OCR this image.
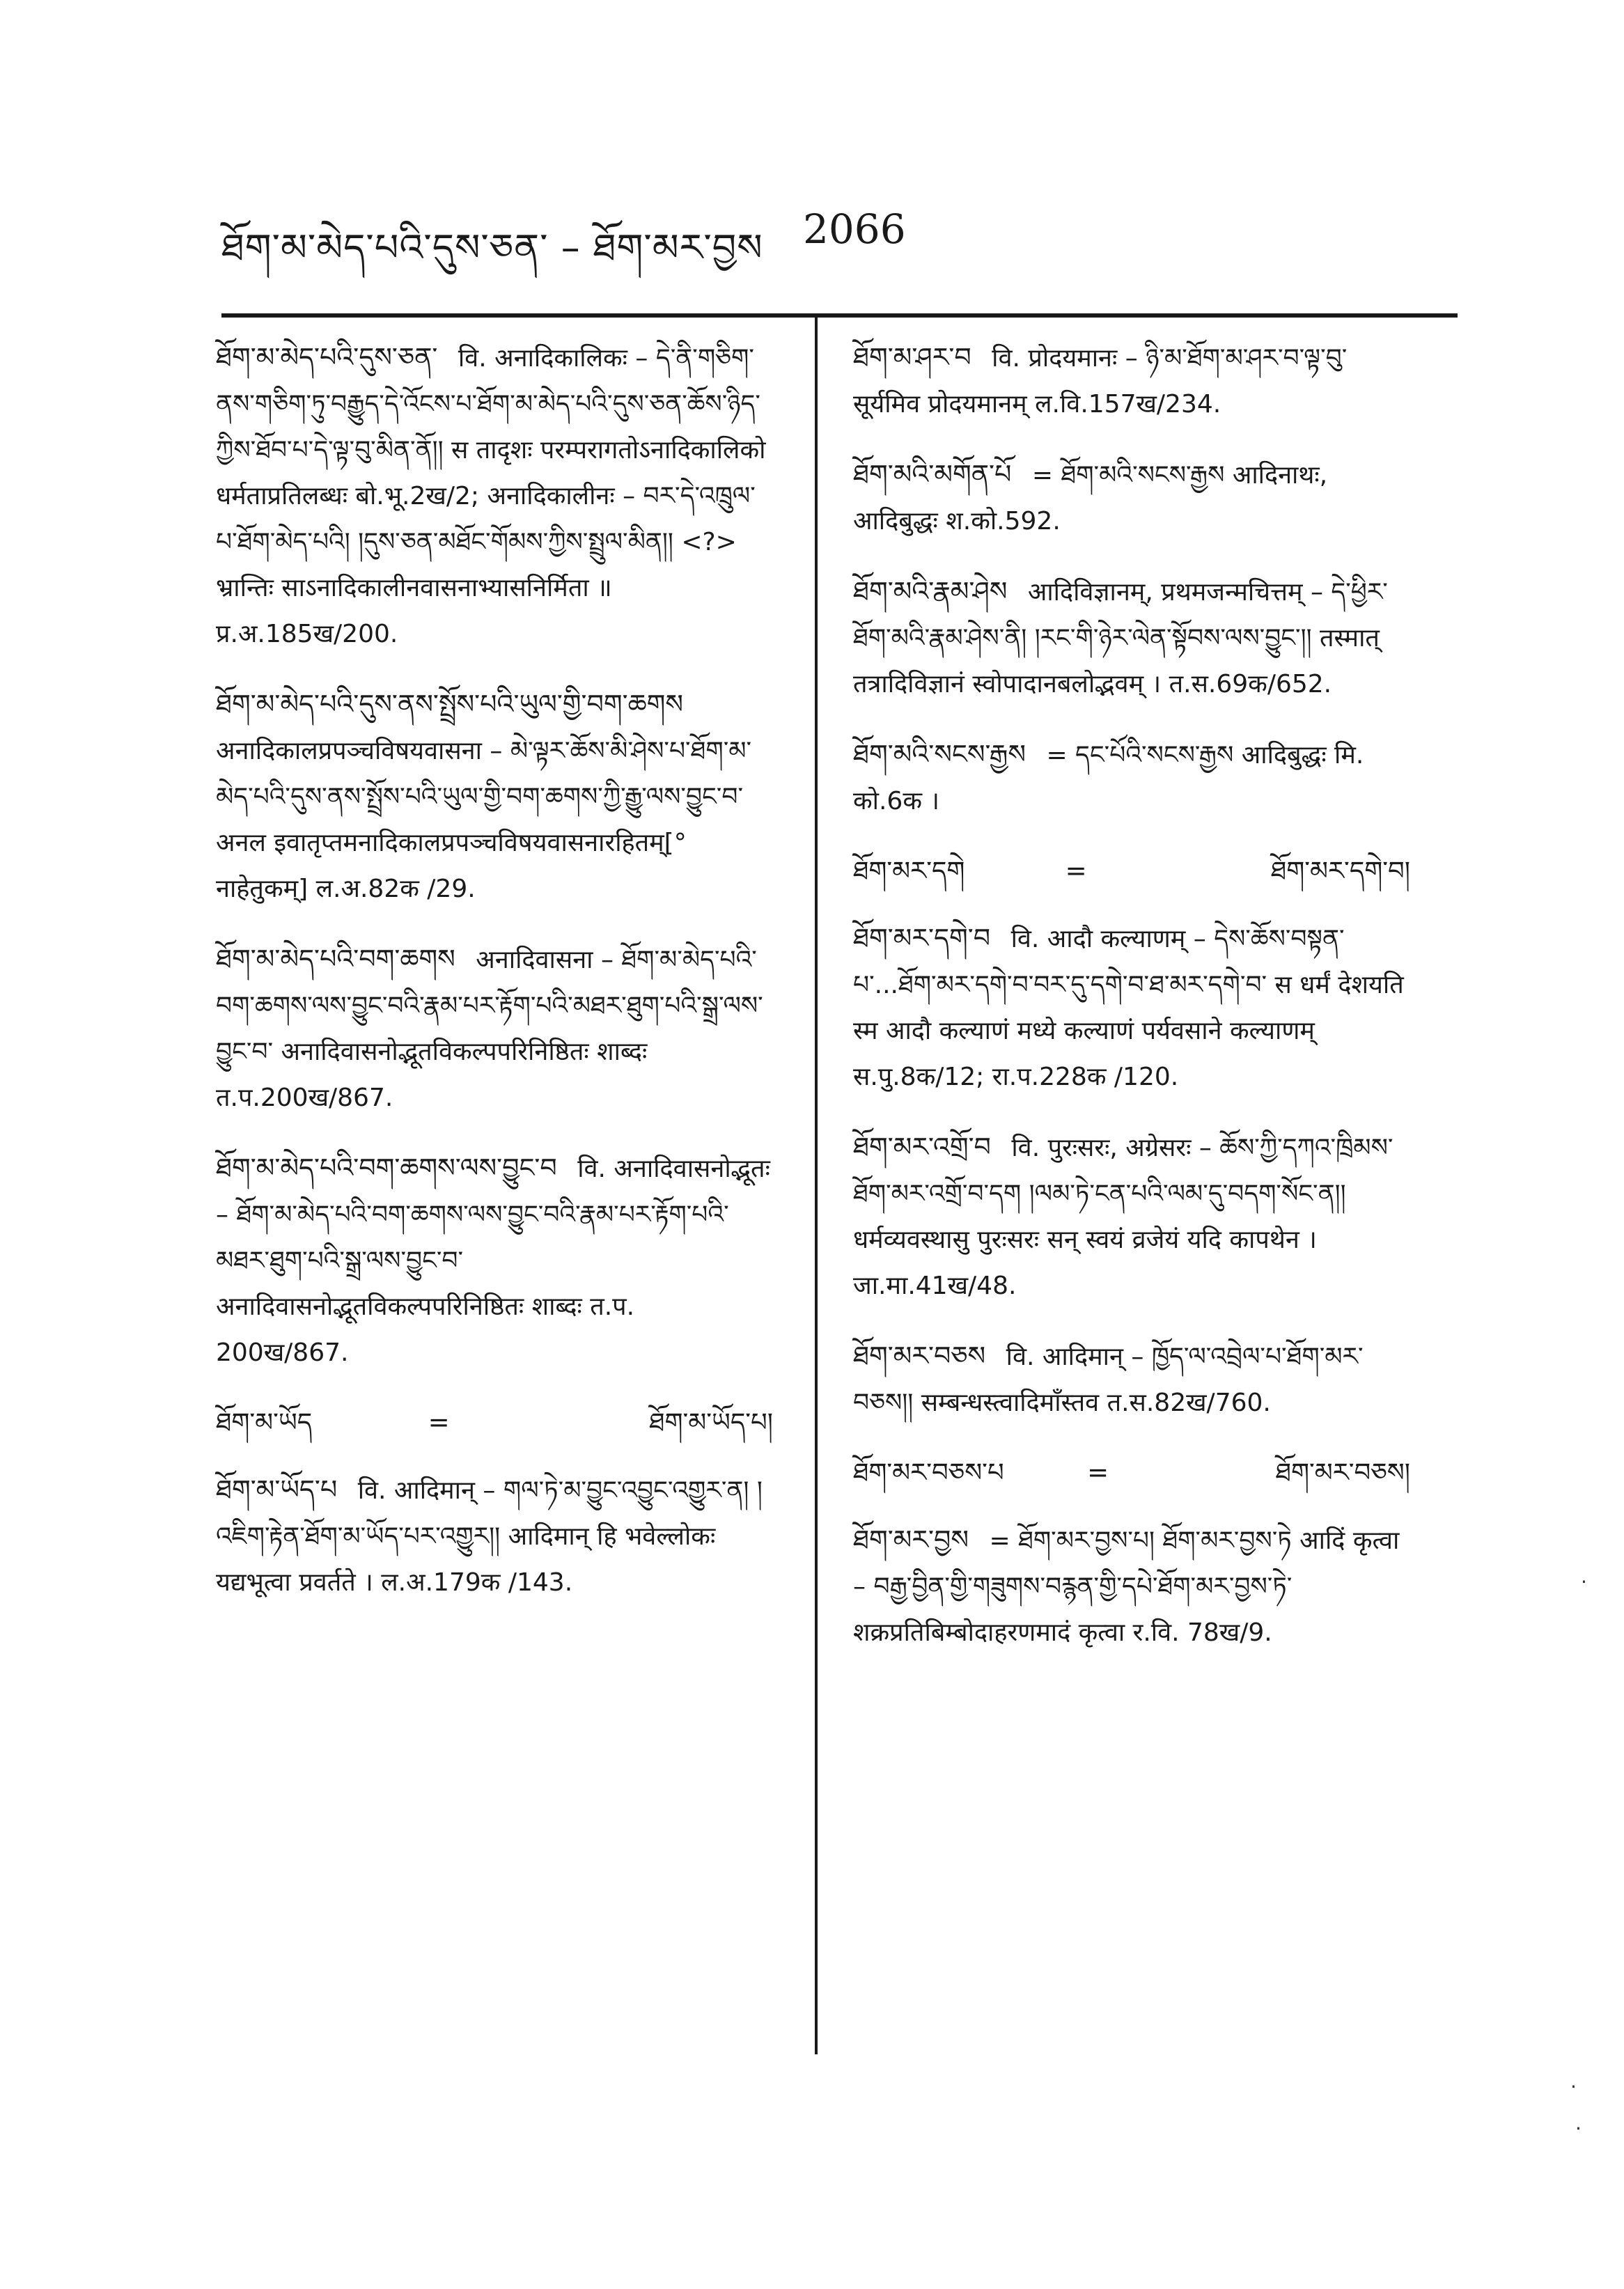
ཐོག་མ་མེད་པའི་དུས་ཅན་ – ཐོག་མར་བྱས 2066
ཐོག་མ་མེད་པའི་དུས་ཅན་ वि. अनादिकालिकः – དེ་ནི་གཅིག་ནས་གཅིག་ཏུ་བརྒྱུད་དེ་འོངས་པ་ཐོག་མ་མེད་པའི་དུས་ཅན་ཆོས་ཉིད་ཀྱིས་ཐོབ་པ་དེ་ལྟ་བུ་མིན་ནོ།། स तादृशः परम्परागतोऽनादिकालिको धर्मताप्रतिलब्धः बो.भू.2ख/2; अनादिकालीनः – བར་དེ་འཁྲུལ་པ་ཐོག་མེད་པའི། །དུས་ཅན་མཐོང་གོམས་ཀྱིས་སྤྲུལ་མིན།། <?> भ्रान्तिः साऽनादिकालीनवासनाभ्यासनिर्मिता ॥ प्र.अ.185ख/200.
ཐོག་མ་མེད་པའི་དུས་ནས་སྤྲོས་པའི་ཡུལ་གྱི་བག་ཆགས अनादिकालप्रपञ्चविषयवासना – མེ་ལྟར་ཆོས་མི་ཤེས་པ་ཐོག་མ་མེད་པའི་དུས་ནས་སྤྲོས་པའི་ཡུལ་གྱི་བག་ཆགས་ཀྱི་རྒྱུ་ལས་བྱུང་བ་ अनल इवातृप्तमनादिकालप्रपञ्चविषयवासनारहितम्[° नाहेतुकम्] ल.अ.82क /29.
ཐོག་མ་མེད་པའི་བག་ཆགས अनादिवासना – ཐོག་མ་མེད་པའི་བག་ཆགས་ལས་བྱུང་བའི་རྣམ་པར་རྟོག་པའི་མཐར་ཐུག་པའི་སྒྲ་ལས་བྱུང་བ་ अनादिवासनोद्भूतविकल्पपरिनिष्ठितः शाब्दः त.प.200ख/867.
ཐོག་མ་མེད་པའི་བག་ཆགས་ལས་བྱུང་བ वि. अनादिवासनोद्भूतः – ཐོག་མ་མེད་པའི་བག་ཆགས་ལས་བྱུང་བའི་རྣམ་པར་རྟོག་པའི་མཐར་ཐུག་པའི་སྒྲ་ལས་བྱུང་བ་ अनादिवासनोद्भूतविकल्पपरिनिष्ठितः शाब्दः त.प. 200ख/867.
ཐོག་མ་ཡོད	=	ཐོག་མ་ཡོད་པ།
ཐོག་མ་ཡོད་པ वि. आदिमान् – གལ་ཏེ་མ་བྱུང་འབྱུང་འགྱུར་ན། །འཇིག་རྟེན་ཐོག་མ་ཡོད་པར་འགྱུར།། आदिमान् हि भवेल्लोकः यद्यभूत्वा प्रवर्तते । ल.अ.179क /143.
ཐོག་མ་ཤར་བ वि. प्रोदयमानः – ཉི་མ་ཐོག་མ་ཤར་བ་ལྟ་བུ་ सूर्यमिव प्रोदयमानम् ल.वि.157ख/234.
ཐོག་མའི་མགོན་པོ = ཐོག་མའི་སངས་རྒྱས आदिनाथः, आदिबुद्धः श.को.592.
ཐོག་མའི་རྣམ་ཤེས आदिविज्ञानम्, प्रथमजन्मचित्तम् – དེ་ཕྱིར་ཐོག་མའི་རྣམ་ཤེས་ནི། །རང་གི་ཉེར་ལེན་སྟོབས་ལས་བྱུང་།། तस्मात् तत्रादिविज्ञानं स्वोपादानबलोद्भवम् । त.स.69क/652.
ཐོག་མའི་སངས་རྒྱས = དང་པོའི་སངས་རྒྱས आदिबुद्धः मि. को.6क ।
ཐོག་མར་དགེ	=	ཐོག་མར་དགེ་བ།
ཐོག་མར་དགེ་བ वि. आदौ कल्याणम् – དེས་ཆོས་བསྟན་པ་...ཐོག་མར་དགེ་བ་བར་དུ་དགེ་བ་ཐ་མར་དགེ་བ་ स धर्मं देशयति स्म आदौ कल्याणं मध्ये कल्याणं पर्यवसाने कल्याणम् स.पु.8क/12; रा.प.228क /120.
ཐོག་མར་འགྲོ་བ वि. पुरःसरः, अग्रेसरः – ཆོས་ཀྱི་དཀའ་ཁྲིམས་ཐོག་མར་འགྲོ་བ་དག །ལམ་ཏེ་ངན་པའི་ལམ་དུ་བདག་སོང་ན།། धर्मव्यवस्थासु पुरःसरः सन् स्वयं व्रजेयं यदि कापथेन । जा.मा.41ख/48.
ཐོག་མར་བཅས वि. आदिमान् – ཁྱོད་ལ་འབྲེལ་པ་ཐོག་མར་བཅས།། सम्बन्धस्त्वादिमाँस्तव त.स.82ख/760.
ཐོག་མར་བཅས་པ	=	ཐོག་མར་བཅས།
ཐོག་མར་བྱས = ཐོག་མར་བྱས་པ། ཐོག་མར་བྱས་ཏེ आदिं कृत्वा – བརྒྱ་བྱིན་གྱི་གཟུགས་བརྙན་གྱི་དཔེ་ཐོག་མར་བྱས་ཏེ་ शक्रप्रतिबिम्बोदाहरणमादं कृत्वा र.वि. 78ख/9.
·
·
·
